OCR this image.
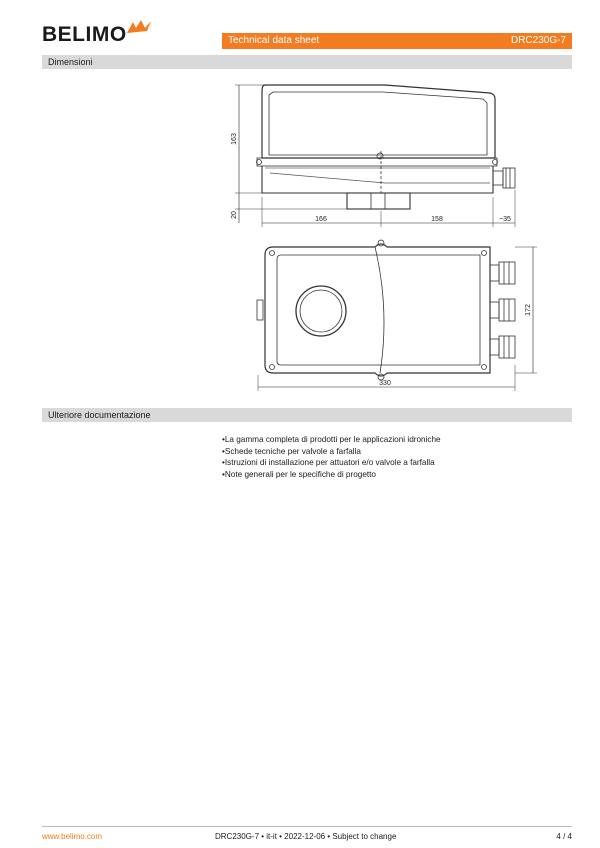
BELIMO	Technical data sheet	DRC230G-7
Dimensioni
163
20
166	158	~35
172
330
Ulteriore documentazione
• La gamma completa di prodotti per le applicazioni idroniche
• Schede tecniche per valvole a farfalla
• Istruzioni di installazione per attuatori e/o valvole a farfalla
• Note generali per le specifiche di progetto
www.belimo.com	DRC230G-7 • it-it • 2022-12-06 • Subject to change	4 / 4
